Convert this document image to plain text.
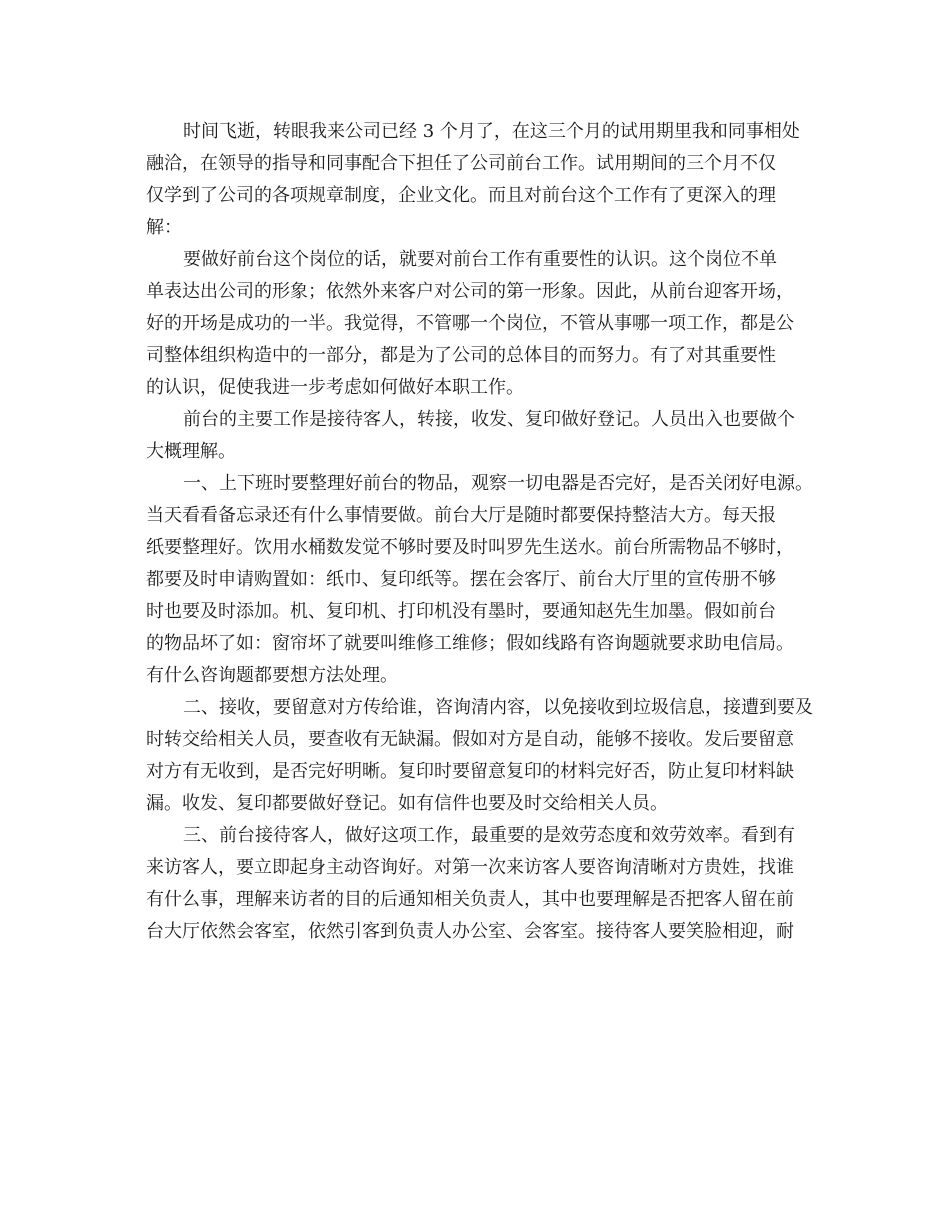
时间飞逝，转眼我来公司已经 3 个月了，在这三个月的试用期里我和同事相处
融洽，在领导的指导和同事配合下担任了公司前台工作。试用期间的三个月不仅
仅学到了公司的各项规章制度，企业文化。而且对前台这个工作有了更深入的理
解：
要做好前台这个岗位的话，就要对前台工作有重要性的认识。这个岗位不单
单表达出公司的形象；依然外来客户对公司的第一形象。因此，从前台迎客开场，
好的开场是成功的一半。我觉得，不管哪一个岗位，不管从事哪一项工作，都是公
司整体组织构造中的一部分，都是为了公司的总体目的而努力。有了对其重要性
的认识，促使我进一步考虑如何做好本职工作。
前台的主要工作是接待客人，转接，收发、复印做好登记。人员出入也要做个
大概理解。
一、上下班时要整理好前台的物品，观察一切电器是否完好，是否关闭好电源。
当天看看备忘录还有什么事情要做。前台大厅是随时都要保持整洁大方。每天报
纸要整理好。饮用水桶数发觉不够时要及时叫罗先生送水。前台所需物品不够时，
都要及时申请购置如：纸巾、复印纸等。摆在会客厅、前台大厅里的宣传册不够
时也要及时添加。机、复印机、打印机没有墨时，要通知赵先生加墨。假如前台
的物品坏了如：窗帘坏了就要叫维修工维修；假如线路有咨询题就要求助电信局。
有什么咨询题都要想方法处理。
二、接收，要留意对方传给谁，咨询清内容，以免接收到垃圾信息，接遭到要及
时转交给相关人员，要查收有无缺漏。假如对方是自动，能够不接收。发后要留意
对方有无收到，是否完好明晰。复印时要留意复印的材料完好否，防止复印材料缺
漏。收发、复印都要做好登记。如有信件也要及时交给相关人员。
三、前台接待客人，做好这项工作，最重要的是效劳态度和效劳效率。看到有
来访客人，要立即起身主动咨询好。对第一次来访客人要咨询清晰对方贵姓，找谁
有什么事，理解来访者的目的后通知相关负责人，其中也要理解是否把客人留在前
台大厅依然会客室，依然引客到负责人办公室、会客室。接待客人要笑脸相迎，耐
